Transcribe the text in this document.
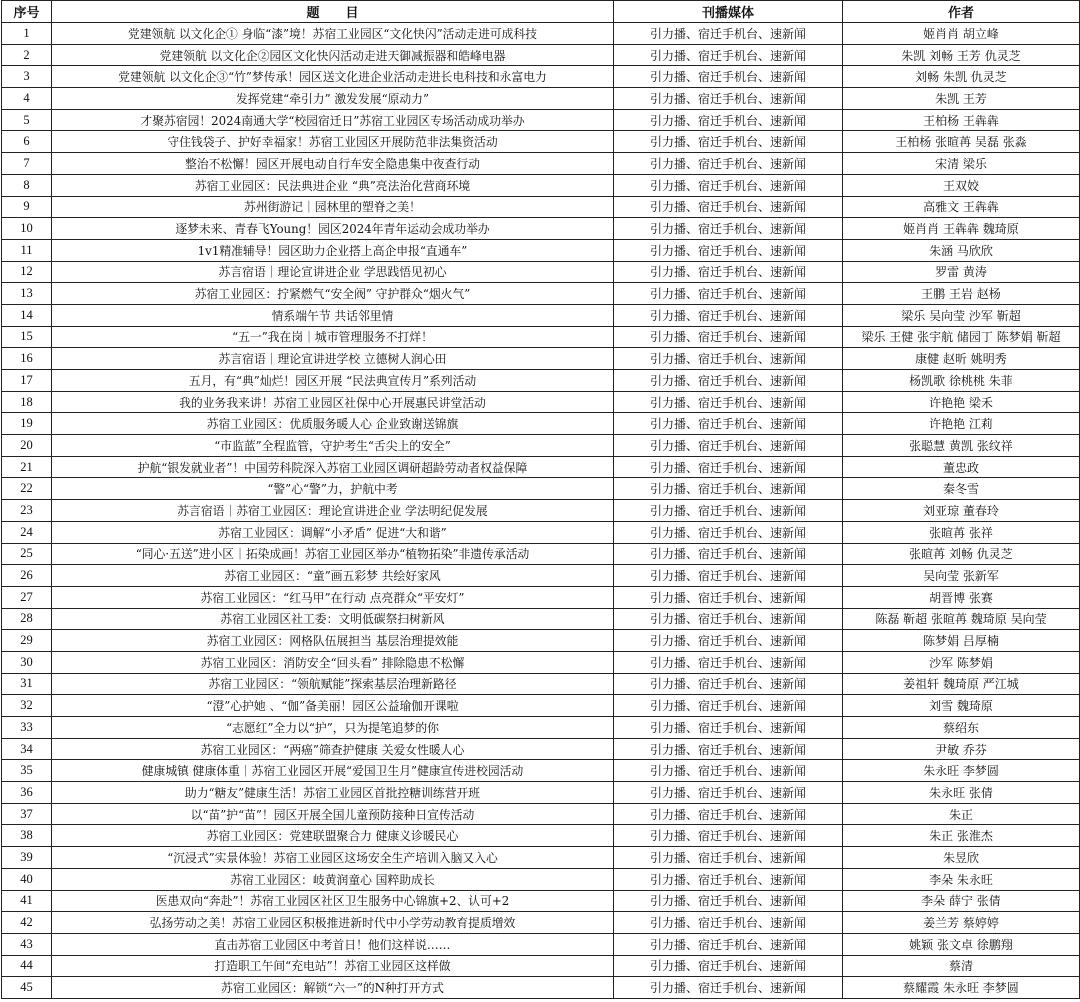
序号	题　　目	刊播媒体	作者
1	党建领航 以文化企① 身临“漆”境！苏宿工业园区“文化快闪”活动走进可成科技	引力播、宿迁手机台、速新闻	姬肖肖 胡立峰
2	党建领航 以文化企②园区文化快闪活动走进天御减振器和皓峰电器	引力播、宿迁手机台、速新闻	朱凯 刘畅 王芳 仇灵芝
3	党建领航 以文化企③“竹”梦传承！园区送文化进企业活动走进长电科技和永富电力	引力播、宿迁手机台、速新闻	刘畅 朱凯 仇灵芝
4	发挥党建“牵引力” 激发发展“原动力”	引力播、宿迁手机台、速新闻	朱凯 王芳
5	才聚苏宿园！2024南通大学“校园宿迁日”苏宿工业园区专场活动成功举办	引力播、宿迁手机台、速新闻	王柏杨 王犇犇
6	守住钱袋子、护好幸福家！苏宿工业园区开展防范非法集资活动	引力播、宿迁手机台、速新闻	王柏杨 张暄苒 吴磊 张淼
7	整治不松懈！园区开展电动自行车安全隐患集中夜查行动	引力播、宿迁手机台、速新闻	宋清 梁乐
8	苏宿工业园区：民法典进企业 “典”亮法治化营商环境	引力播、宿迁手机台、速新闻	王双姣
9	苏州街游记｜园林里的塑脊之美！	引力播、宿迁手机台、速新闻	高雅文 王犇犇
10	逐梦未来、青春飞Young！园区2024年青年运动会成功举办	引力播、宿迁手机台、速新闻	姬肖肖 王犇犇 魏琦原
11	1v1精准辅导！园区助力企业搭上高企申报“直通车”	引力播、宿迁手机台、速新闻	朱涵 马欣欣
12	苏言宿语｜理论宣讲进企业 学思践悟见初心	引力播、宿迁手机台、速新闻	罗雷 黄涛
13	苏宿工业园区：拧紧燃气“安全阀” 守护群众“烟火气”	引力播、宿迁手机台、速新闻	王鹏 王岩 赵杨
14	情系端午节 共话邻里情	引力播、宿迁手机台、速新闻	梁乐 吴向莹 沙军 靳超
15	“五一”我在岗｜城市管理服务不打烊！	引力播、宿迁手机台、速新闻	梁乐 王健 张宇航 储园丁 陈梦娟 靳超
16	苏言宿语｜理论宣讲进学校 立德树人润心田	引力播、宿迁手机台、速新闻	康健 赵昕 姚明秀
17	五月，有“典”灿烂！园区开展 “民法典宣传月”系列活动	引力播、宿迁手机台、速新闻	杨凯歌 徐桃桃 朱菲
18	我的业务我来讲！苏宿工业园区社保中心开展惠民讲堂活动	引力播、宿迁手机台、速新闻	许艳艳 梁禾
19	苏宿工业园区：优质服务暖人心 企业致谢送锦旗	引力播、宿迁手机台、速新闻	许艳艳 江莉
20	“市监蓝”全程监管，守护考生“舌尖上的安全”	引力播、宿迁手机台、速新闻	张聪慧 黄凯 张纹祥
21	护航“银发就业者”！中国劳科院深入苏宿工业园区调研超龄劳动者权益保障	引力播、宿迁手机台、速新闻	董忠政
22	“警”心“警”力，护航中考	引力播、宿迁手机台、速新闻	秦冬雪
23	苏言宿语｜苏宿工业园区：理论宣讲进企业 学法明纪促发展	引力播、宿迁手机台、速新闻	刘亚琼 董春玲
24	苏宿工业园区：调解“小矛盾” 促进“大和谐”	引力播、宿迁手机台、速新闻	张暄苒 张祥
25	“同心·五送”进小区｜拓染成画！苏宿工业园区举办“植物拓染”非遗传承活动	引力播、宿迁手机台、速新闻	张暄苒 刘畅 仇灵芝
26	苏宿工业园区：“童”画五彩梦 共绘好家风	引力播、宿迁手机台、速新闻	吴向莹 张新军
27	苏宿工业园区：“红马甲”在行动 点亮群众“平安灯”	引力播、宿迁手机台、速新闻	胡晋博 张赛
28	苏宿工业园区社工委：文明低碳祭扫树新风	引力播、宿迁手机台、速新闻	陈磊 靳超 张暄苒 魏琦原 吴向莹
29	苏宿工业园区：网格队伍展担当 基层治理提效能	引力播、宿迁手机台、速新闻	陈梦娟 吕厚楠
30	苏宿工业园区：消防安全“回头看” 排除隐患不松懈	引力播、宿迁手机台、速新闻	沙军 陈梦娟
31	苏宿工业园区：“领航赋能”探索基层治理新路径	引力播、宿迁手机台、速新闻	姜祖轩 魏琦原 严江城
32	“澄”心护她 、“伽”备美丽！园区公益瑜伽开课啦	引力播、宿迁手机台、速新闻	刘雪 魏琦原
33	“志愿红”全力以“护”，只为提笔追梦的你	引力播、宿迁手机台、速新闻	蔡绍东
34	苏宿工业园区：“两癌”筛查护健康 关爱女性暖人心	引力播、宿迁手机台、速新闻	尹敏 乔芬
35	健康城镇 健康体重｜苏宿工业园区开展“爱国卫生月”健康宣传进校园活动	引力播、宿迁手机台、速新闻	朱永旺 李梦圆
36	助力“糖友”健康生活！苏宿工业园区首批控糖训练营开班	引力播、宿迁手机台、速新闻	朱永旺 张倩
37	以“苗”护“苗”！园区开展全国儿童预防接种日宣传活动	引力播、宿迁手机台、速新闻	朱正
38	苏宿工业园区：党建联盟聚合力 健康义诊暖民心	引力播、宿迁手机台、速新闻	朱正 张淮杰
39	“沉浸式”实景体验！苏宿工业园区这场安全生产培训入脑又入心	引力播、宿迁手机台、速新闻	朱昱欣
40	苏宿工业园区：岐黄润童心 国粹助成长	引力播、宿迁手机台、速新闻	李朵 朱永旺
41	医患双向“奔赴”！苏宿工业园区社区卫生服务中心锦旗+2、认可+2	引力播、宿迁手机台、速新闻	李朵 薛宁 张倩
42	弘扬劳动之美！苏宿工业园区积极推进新时代中小学劳动教育提质增效	引力播、宿迁手机台、速新闻	姜兰芳 蔡婷婷
43	直击苏宿工业园区中考首日！他们这样说……	引力播、宿迁手机台、速新闻	姚颖 张文卓 徐鹏翔
44	打造职工午间“充电站”！苏宿工业园区这样做	引力播、宿迁手机台、速新闻	蔡清
45	苏宿工业园区：解锁“六一”的N种打开方式	引力播、宿迁手机台、速新闻	蔡耀霞 朱永旺 李梦圆
